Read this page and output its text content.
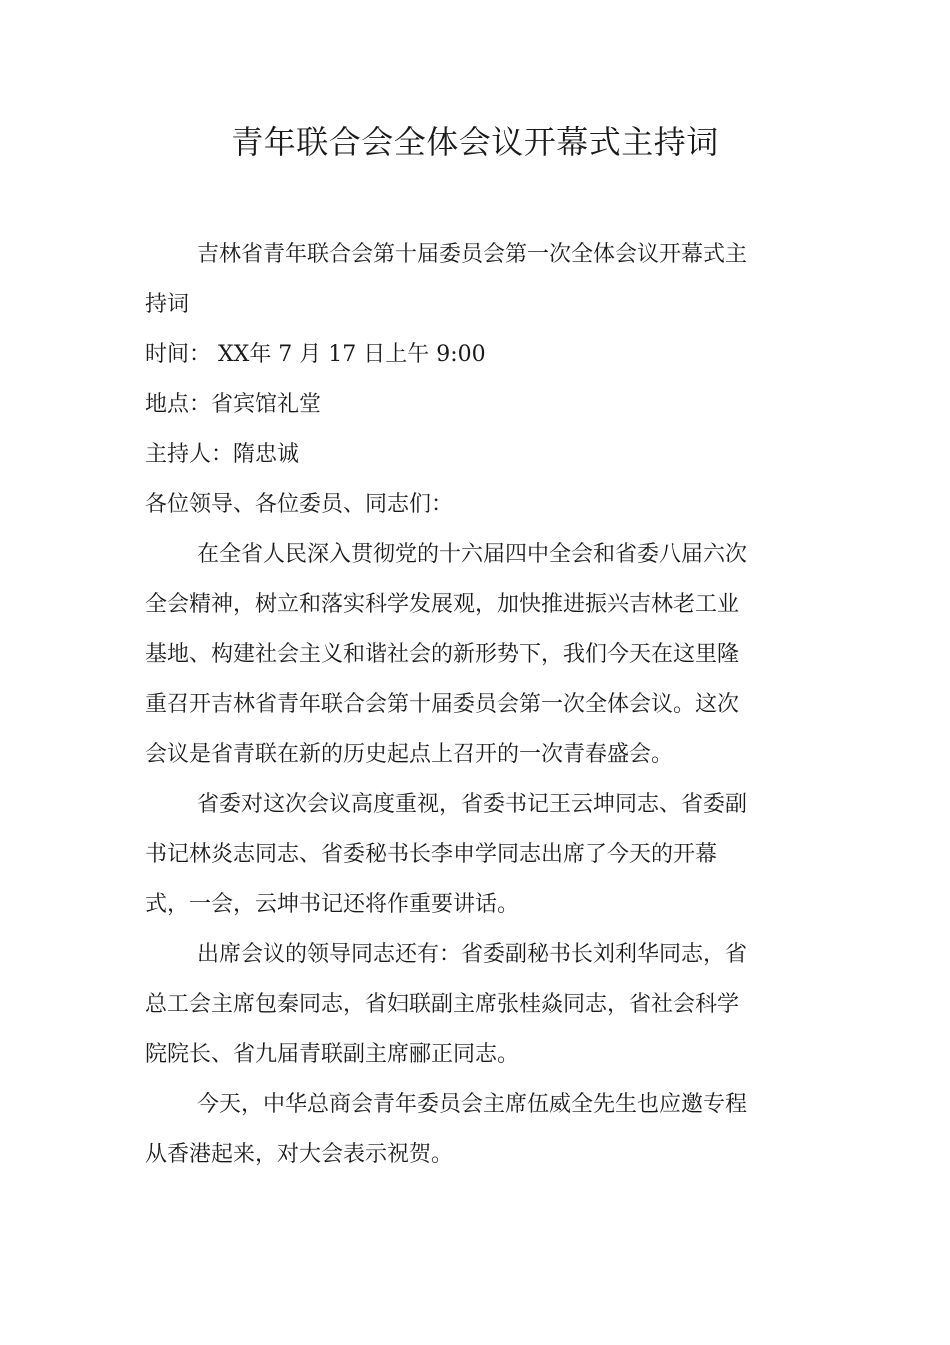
青年联合会全体会议开幕式主持词

吉林省青年联合会第十届委员会第一次全体会议开幕式主持词

时间： XX年 7 月 17 日上午 9:00

地点：省宾馆礼堂

主持人：隋忠诚

各位领导、各位委员、同志们：

在全省人民深入贯彻党的十六届四中全会和省委八届六次全会精神，树立和落实科学发展观，加快推进振兴吉林老工业基地、构建社会主义和谐社会的新形势下，我们今天在这里隆重召开吉林省青年联合会第十届委员会第一次全体会议。这次会议是省青联在新的历史起点上召开的一次青春盛会。

省委对这次会议高度重视，省委书记王云坤同志、省委副书记林炎志同志、省委秘书长李申学同志出席了今天的开幕式，一会，云坤书记还将作重要讲话。

出席会议的领导同志还有：省委副秘书长刘利华同志，省总工会主席包秦同志，省妇联副主席张桂焱同志，省社会科学院院长、省九届青联副主席郦正同志。

今天，中华总商会青年委员会主席伍威全先生也应邀专程从香港起来，对大会表示祝贺。
